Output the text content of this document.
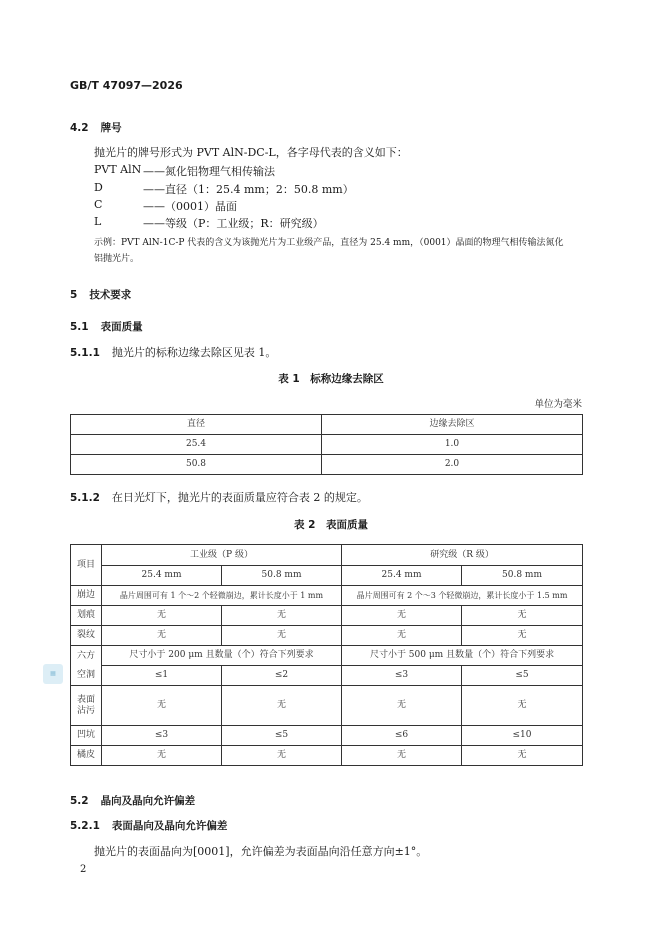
GB/T 47097—2026
4.2 牌号
抛光片的牌号形式为 PVT AlN-DC-L，各字母代表的含义如下：
PVT AlN ——氮化铝物理气相传输法
D	——直径（1：25.4 mm；2：50.8 mm）
C	——（0001）晶面
L	——等级（P：工业级；R：研究级）
示例：PVT AlN-1C-P 代表的含义为该抛光片为工业级产品，直径为 25.4 mm，（0001）晶面的物理气相传输法氮化
铝抛光片。
5 技术要求
5.1 表面质量
5.1.1 抛光片的标称边缘去除区见表 1。
表 1　标称边缘去除区
单位为毫米
直径	边缘去除区
25.4	1.0
50.8	2.0
5.1.2 在日光灯下，抛光片的表面质量应符合表 2 的规定。
表 2　表面质量
项目	工业级（P 级）		研究级（R 级）	
	25.4 mm	50.8 mm	25.4 mm	50.8 mm
崩边	晶片周围可有 1 个～2 个轻微崩边，累计长度小于 1 mm		晶片周围可有 2 个～3 个轻微崩边，累计长度小于 1.5 mm	
划痕	无	无	无	无
裂纹	无	无	无	无
六方	尺寸小于 200 μm 且数量（个）符合下列要求		尺寸小于 500 μm 且数量（个）符合下列要求	
空洞	≤1	≤2	≤3	≤5
表面
沾污	无	无	无	无
凹坑	≤3	≤5	≤6	≤10
橘皮	无	无	无	无
▦
5.2 晶向及晶向允许偏差
5.2.1 表面晶向及晶向允许偏差
抛光片的表面晶向为[0001]，允许偏差为表面晶向沿任意方向±1°。
2
